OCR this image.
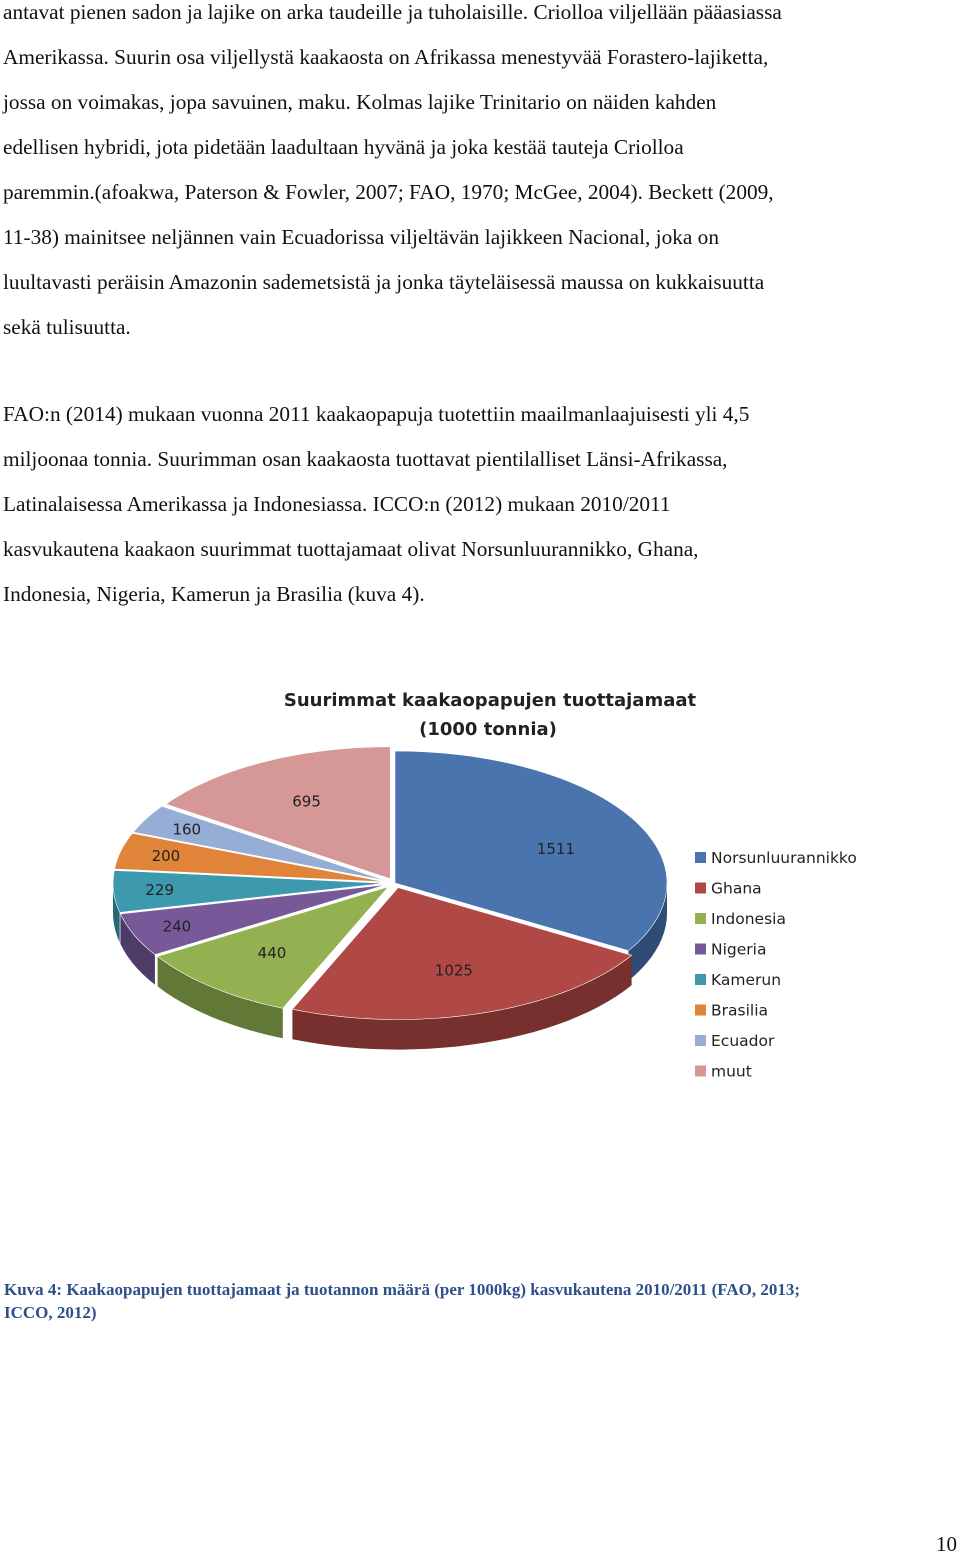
antavat pienen sadon ja lajike on arka taudeille ja tuholaisille. Criolloa viljellään pääasiassa
Amerikassa. Suurin osa viljellystä kaakaosta on Afrikassa menestyvää Forastero-lajiketta,
jossa on voimakas, jopa savuinen, maku. Kolmas lajike Trinitario on näiden kahden
edellisen hybridi, jota pidetään laadultaan hyvänä ja joka kestää tauteja Criolloa
paremmin.(afoakwa, Paterson & Fowler, 2007; FAO, 1970; McGee, 2004). Beckett (2009,
11-38) mainitsee neljännen vain Ecuadorissa viljeltävän lajikkeen Nacional, joka on
luultavasti peräisin Amazonin sademetsistä ja jonka täyteläisessä maussa on kukkaisuutta
sekä tulisuutta.
FAO:n (2014) mukaan vuonna 2011 kaakaopapuja tuotettiin maailmanlaajuisesti yli 4,5
miljoonaa tonnia. Suurimman osan kaakaosta tuottavat pientilalliset Länsi-Afrikassa,
Latinalaisessa Amerikassa ja Indonesiassa. ICCO:n (2012) mukaan 2010/2011
kasvukautena kaakaon suurimmat tuottajamaat olivat Norsunluurannikko, Ghana,
Indonesia, Nigeria, Kamerun ja Brasilia (kuva 4).
Suurimmat kaakaopapujen tuottajamaat
(1000 tonnia)
1511
1025
440
240
229
200
160
695
Norsunluurannikko
Ghana
Indonesia
Nigeria
Kamerun
Brasilia
Ecuador
muut
Kuva 4: Kaakaopapujen tuottajamaat ja tuotannon määrä (per 1000kg) kasvukautena 2010/2011 (FAO, 2013;
ICCO, 2012)
10
